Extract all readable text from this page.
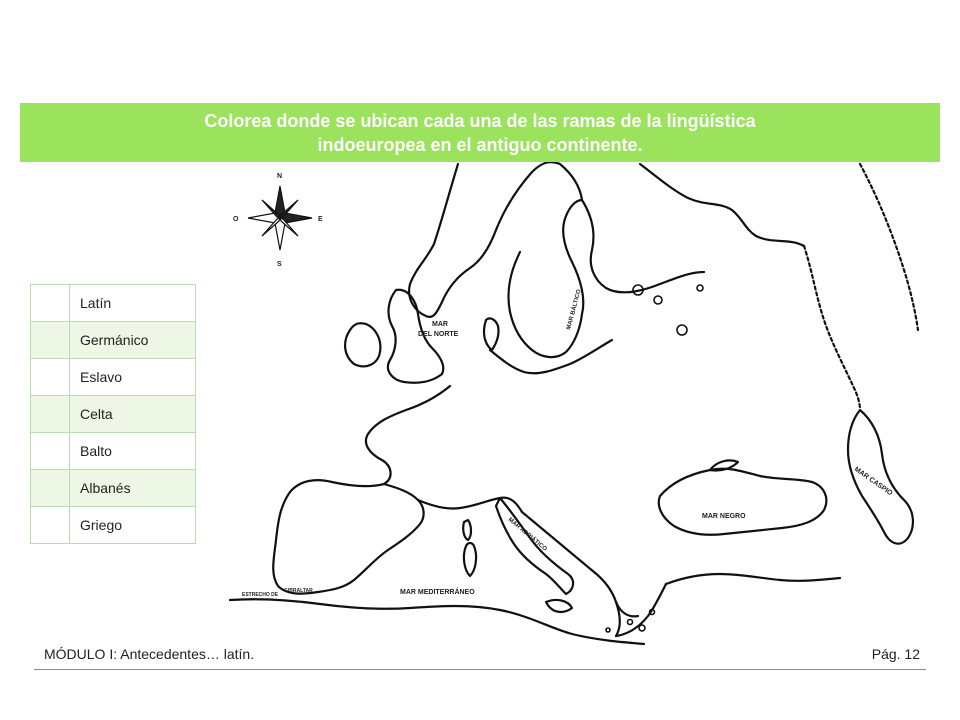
N
S
E
O
MAR
DEL NORTE
MAR BÁLTICO
MAR NEGRO
MAR CASPIO
MAR ADRIÁTICO
MAR MEDITERRÁNEO
ESTRECHO DE
GIBRALTAR
Colorea donde se ubican cada una de las ramas de la lingüística
indoeuropea en el antiguo continente.
	Latín
	Germánico
	Eslavo
	Celta
	Balto
	Albanés
	Griego
MÓDULO I: Antecedentes… latín.	Pág. 12
